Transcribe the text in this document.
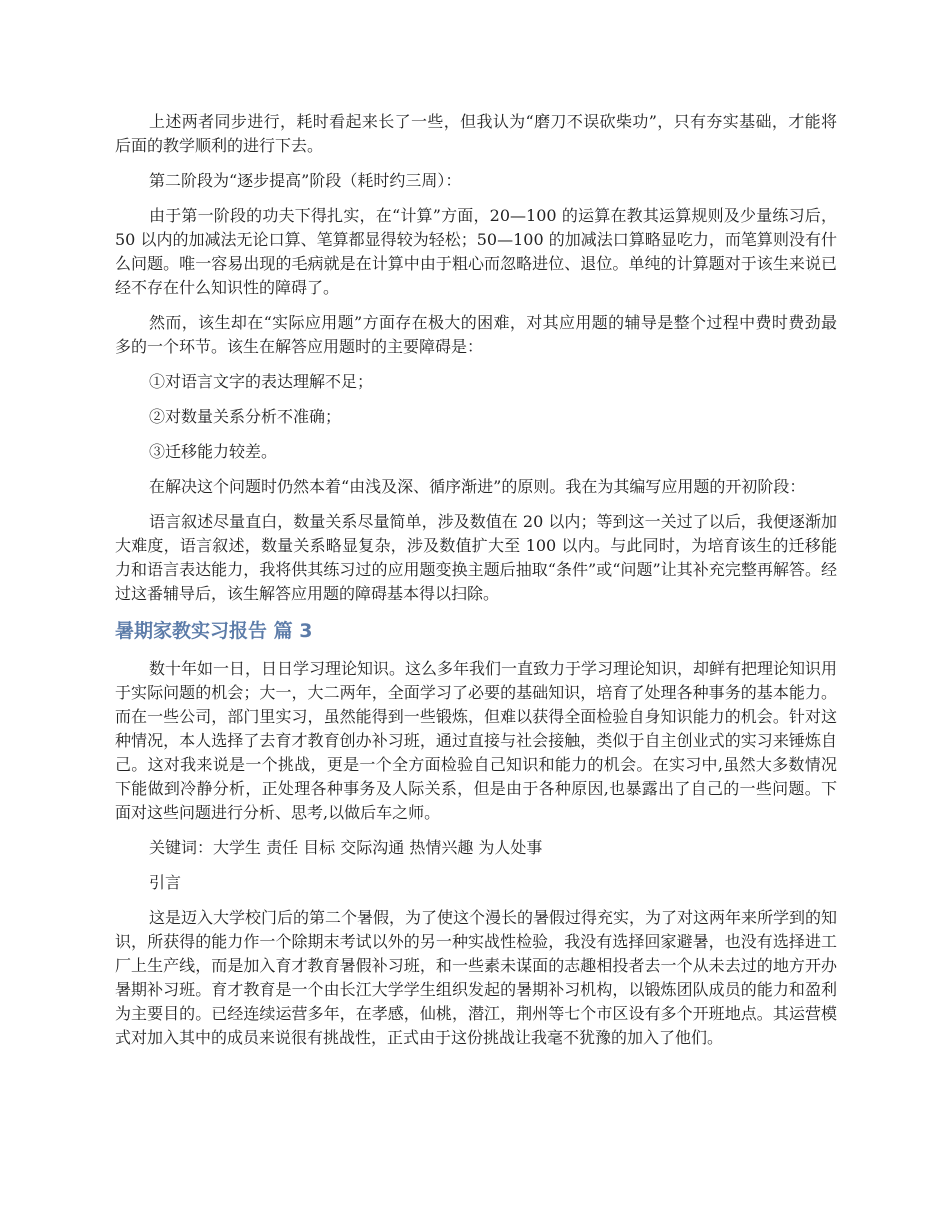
上述两者同步进行，耗时看起来长了一些，但我认为“磨刀不误砍柴功”，只有夯实基础，才能将后面的教学顺利的进行下去。

第二阶段为“逐步提高”阶段（耗时约三周）：

由于第一阶段的功夫下得扎实，在“计算”方面，20—100 的运算在教其运算规则及少量练习后，50 以内的加减法无论口算、笔算都显得较为轻松；50—100 的加减法口算略显吃力，而笔算则没有什么问题。唯一容易出现的毛病就是在计算中由于粗心而忽略进位、退位。单纯的计算题对于该生来说已经不存在什么知识性的障碍了。

然而，该生却在“实际应用题”方面存在极大的困难，对其应用题的辅导是整个过程中费时费劲最多的一个环节。该生在解答应用题时的主要障碍是：

①对语言文字的表达理解不足；

②对数量关系分析不准确；

③迁移能力较差。

在解决这个问题时仍然本着“由浅及深、循序渐进”的原则。我在为其编写应用题的开初阶段：

语言叙述尽量直白，数量关系尽量简单，涉及数值在 20 以内；等到这一关过了以后，我便逐渐加大难度，语言叙述，数量关系略显复杂，涉及数值扩大至 100 以内。与此同时，为培育该生的迁移能力和语言表达能力，我将供其练习过的应用题变换主题后抽取“条件”或“问题”让其补充完整再解答。经过这番辅导后，该生解答应用题的障碍基本得以扫除。

暑期家教实习报告 篇 3

数十年如一日，日日学习理论知识。这么多年我们一直致力于学习理论知识，却鲜有把理论知识用于实际问题的机会；大一，大二两年，全面学习了必要的基础知识，培育了处理各种事务的基本能力。而在一些公司，部门里实习，虽然能得到一些锻炼，但难以获得全面检验自身知识能力的机会。针对这种情况，本人选择了去育才教育创办补习班，通过直接与社会接触，类似于自主创业式的实习来锤炼自己。这对我来说是一个挑战，更是一个全方面检验自己知识和能力的机会。在实习中,虽然大多数情况下能做到冷静分析，正处理各种事务及人际关系，但是由于各种原因,也暴露出了自己的一些问题。下面对这些问题进行分析、思考,以做后车之师。

关键词：大学生 责任 目标 交际沟通 热情兴趣 为人处事

引言

这是迈入大学校门后的第二个暑假，为了使这个漫长的暑假过得充实，为了对这两年来所学到的知识，所获得的能力作一个除期末考试以外的另一种实战性检验，我没有选择回家避暑，也没有选择进工厂上生产线，而是加入育才教育暑假补习班，和一些素未谋面的志趣相投者去一个从未去过的地方开办暑期补习班。育才教育是一个由长江大学学生组织发起的暑期补习机构，以锻炼团队成员的能力和盈利为主要目的。已经连续运营多年，在孝感，仙桃，潜江，荆州等七个市区设有多个开班地点。其运营模式对加入其中的成员来说很有挑战性，正式由于这份挑战让我毫不犹豫的加入了他们。
